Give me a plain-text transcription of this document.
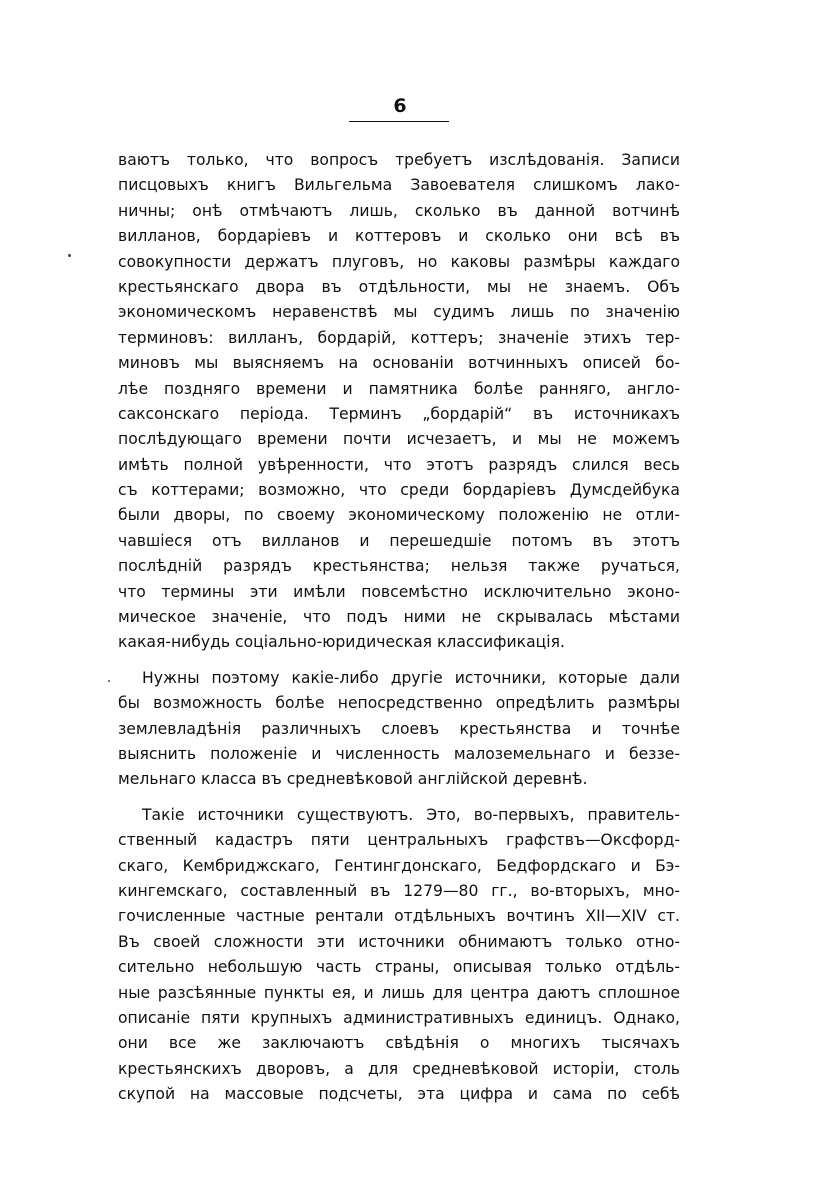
6
ваютъ только, что вопросъ требуетъ изслѣдованія. Записи
писцовыхъ книгъ Вильгельма Завоевателя слишкомъ лако-
ничны; онѣ отмѣчаютъ лишь, сколько въ данной вотчинѣ
вилланов, бордаріевъ и коттеровъ и сколько они всѣ въ
совокупности держатъ плуговъ, но каковы размѣры каждаго
крестьянскаго двора въ отдѣльности, мы не знаемъ. Объ
экономическомъ неравенствѣ мы судимъ лишь по значенію
терминовъ: вилланъ, бордарій, коттеръ; значеніе этихъ тер-
миновъ мы выясняемъ на основаніи вотчинныхъ описей бо-
лѣе поздняго времени и памятника болѣе ранняго, англо-
саксонскаго періода. Терминъ „бордарій“ въ источникахъ
послѣдующаго времени почти исчезаетъ, и мы не можемъ
имѣть полной увѣренности, что этотъ разрядъ слился весь
съ коттерами; возможно, что среди бордаріевъ Думсдейбука
были дворы, по своему экономическому положенію не отли-
чавшіеся отъ вилланов и перешедшіе потомъ въ этотъ
послѣдній разрядъ крестьянства; нельзя также ручаться,
что термины эти имѣли повсемѣстно исключительно эконо-
мическое значеніе, что подъ ними не скрывалась мѣстами
какая-нибудь соціально-юридическая классификація.
Нужны поэтому какіе-либо другіе источники, которые дали
бы возможность болѣе непосредственно опредѣлить размѣры
землевладѣнія различныхъ слоевъ крестьянства и точнѣе
выяснить положеніе и численность малоземельнаго и беззе-
мельнаго класса въ средневѣковой англійской деревнѣ.
Такіе источники существуютъ. Это, во-первыхъ, правитель-
ственный кадастръ пяти центральныхъ графствъ—Оксфорд-
скаго, Кембриджскаго, Гентингдонскаго, Бедфордскаго и Бэ-
кингемскаго, составленный въ 1279—80 гг., во-вторыхъ, мно-
гочисленные частные рентали отдѣльныхъ вочтинъ XII—XIV ст.
Въ своей сложности эти источники обнимаютъ только отно-
сительно небольшую часть страны, описывая только отдѣль-
ные разсѣянные пункты ея, и лишь для центра даютъ сплошное
описаніе пяти крупныхъ административныхъ единицъ. Однако,
они все же заключаютъ свѣдѣнія о многихъ тысячахъ
крестьянскихъ дворовъ, а для средневѣковой исторіи, столь
скупой на массовые подсчеты, эта цифра и сама по себѣ
